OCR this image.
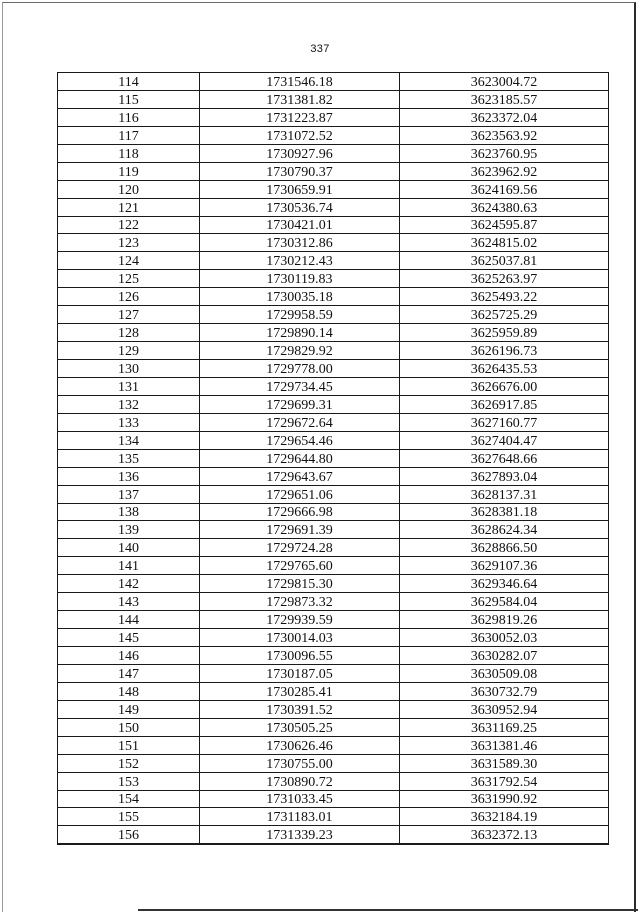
337
114	1731546.18	3623004.72
115	1731381.82	3623185.57
116	1731223.87	3623372.04
117	1731072.52	3623563.92
118	1730927.96	3623760.95
119	1730790.37	3623962.92
120	1730659.91	3624169.56
121	1730536.74	3624380.63
122	1730421.01	3624595.87
123	1730312.86	3624815.02
124	1730212.43	3625037.81
125	1730119.83	3625263.97
126	1730035.18	3625493.22
127	1729958.59	3625725.29
128	1729890.14	3625959.89
129	1729829.92	3626196.73
130	1729778.00	3626435.53
131	1729734.45	3626676.00
132	1729699.31	3626917.85
133	1729672.64	3627160.77
134	1729654.46	3627404.47
135	1729644.80	3627648.66
136	1729643.67	3627893.04
137	1729651.06	3628137.31
138	1729666.98	3628381.18
139	1729691.39	3628624.34
140	1729724.28	3628866.50
141	1729765.60	3629107.36
142	1729815.30	3629346.64
143	1729873.32	3629584.04
144	1729939.59	3629819.26
145	1730014.03	3630052.03
146	1730096.55	3630282.07
147	1730187.05	3630509.08
148	1730285.41	3630732.79
149	1730391.52	3630952.94
150	1730505.25	3631169.25
151	1730626.46	3631381.46
152	1730755.00	3631589.30
153	1730890.72	3631792.54
154	1731033.45	3631990.92
155	1731183.01	3632184.19
156	1731339.23	3632372.13
